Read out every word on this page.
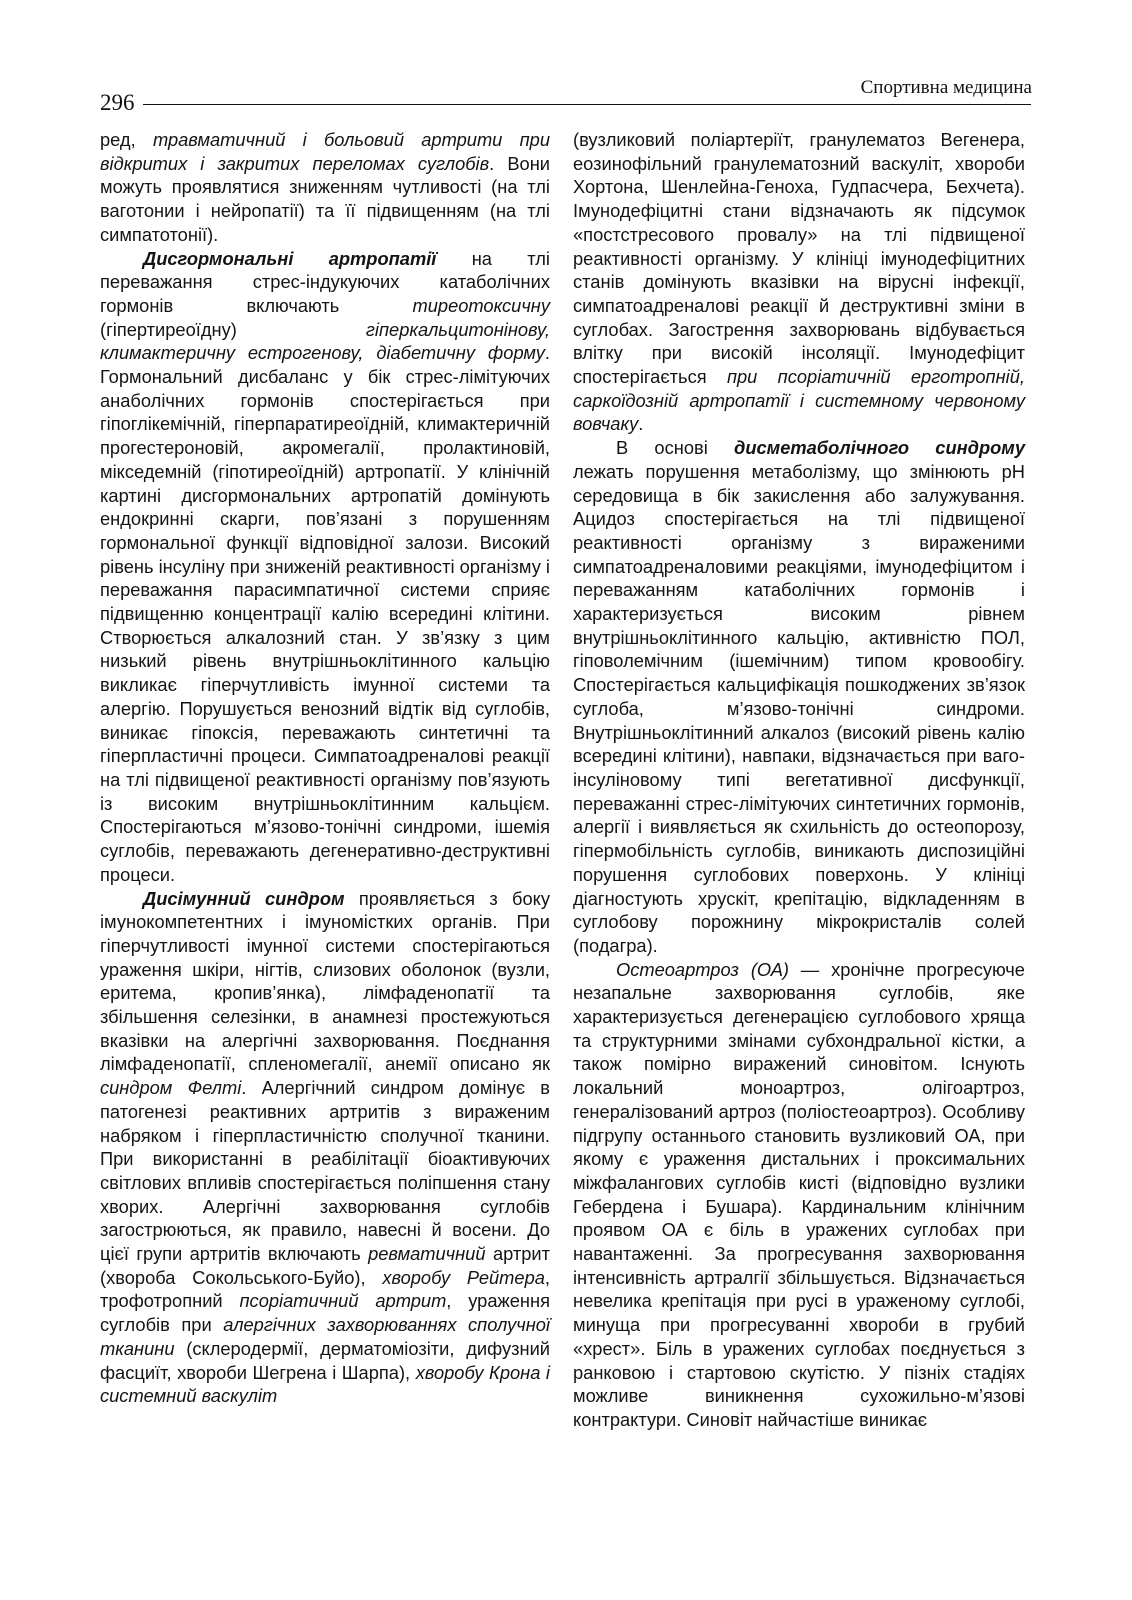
296
Спортивна медицина

ред, травматичний і больовий артрити при відкритих і закритих переломах суглобів. Вони можуть проявлятися зниженням чутливості (на тлі ваготонии і нейропатії) та її підвищенням (на тлі симпатотонії).

Дисгормональні артропатії на тлі переважання стрес-індукуючих катаболічних гормонів включають тиреотоксичну (гіпертиреоїдну) гіперкальцитонінову, климактеричну естрогенову, діабетичну форму. Гормональний дисбаланс у бік стрес-лімітуючих анаболічних гормонів спостерігається при гіпоглікемічній, гіперпаратиреоїдній, климактеричній прогестероновій, акромегалії, пролактиновій, мікседемній (гіпотиреоїдній) артропатії. У клінічній картині дисгормональних артропатій домінують ендокринні скарги, пов’язані з порушенням гормональної функції відповідної залози. Високий рівень інсуліну при зниженій реактивності організму і переважання парасимпатичної системи сприяє підвищенню концентрації калію всередині клітини. Створюється алкалозний стан. У зв’язку з цим низький рівень внутрішньоклітинного кальцію викликає гіперчутливість імунної системи та алергію. Порушується венозний відтік від суглобів, виникає гіпоксія, переважають синтетичні та гіперпластичні процеси. Симпатоадреналові реакції на тлі підвищеної реактивності організму пов’язують із високим внутрішньоклітинним кальцієм. Спостерігаються м’язово-тонічні синдроми, ішемія суглобів, переважають дегенеративно-деструктивні процеси.

Дисімунний синдром проявляється з боку імунокомпетентних і імуноміcтких органів. При гіперчутливості імунної системи спостерігаються ураження шкіри, нігтів, слизових оболонок (вузли, еритема, кропив’янка), лімфаденопатії та збільшення селезінки, в анамнезі простежуються вказівки на алергічні захворювання. Поєднання лімфаденопатії, спленомегалії, анемії описано як синдром Фелті. Алергічний синдром домінує в патогенезі реактивних артритів з вираженим набряком і гіперпластичністю сполучної тканини. При використанні в реабілітації біоактивуючих світлових впливів спостерігається поліпшення стану хворих. Алергічні захворювання суглобів загострюються, як правило, навесні й восени. До цієї групи артритів включають ревматичний артрит (хвороба Сокольського-Буйо), хворобу Рейтера, трофотропний псоріатичний артрит, ураження суглобів при алергічних захворюваннях сполучної тканини (склеродермії, дерматоміозіти, дифузний фасциїт, хвороби Шегрена і Шарпа), хворобу Крона і системний васкуліт

(вузликовий поліартеріїт, гранулематоз Вегенера, еозинофільний гранулематозний васкуліт, хвороби Хортона, Шенлейна-Геноха, Гудпасчера, Бехчета). Імунодефіцитні стани відзначають як підсумок «постстресового провалу» на тлі підвищеної реактивності організму. У клініці імунодефіцитних станів домінують вказівки на вірусні інфекції, симпатоадреналові реакції й деструктивні зміни в суглобах. Загострення захворювань відбувається влітку при високій інсоляції. Імунодефіцит спостерігається при псоріатичній ерготропній, саркоїдозній артропатії і системному червоному вовчаку.

В основі дисметаболічного синдрому лежать порушення метаболізму, що змінюють pH середовища в бік закислення або залужування. Ацидоз спостерігається на тлі підвищеної реактивності організму з вираженими симпатоадреналовими реакціями, імунодефіцитом і переважанням катаболічних гормонів і характеризується високим рівнем внутрішньоклітинного кальцію, активністю ПОЛ, гіповолемічним (ішемічним) типом кровообігу. Спостерігається кальцифікація пошкоджених зв’язок суглоба, м’язово-тонічні синдроми. Внутрішньоклітинний алкалоз (високий рівень калію всередині клітини), навпаки, відзначається при ваго-інсуліновому типі вегетативної дисфункції, переважанні стрес-лімітуючих синтетичних гормонів, алергії і виявляється як схильність до остеопорозу, гіпермобільність суглобів, виникають диспозиційні порушення суглобових поверхонь. У клініці діагностують хруcкіт, крепітацію, відкладенням в суглобову порожнину мікрокристалів солей (подагра).

Остеоартроз (ОА) — хронічне прогресуюче незапальне захворювання суглобів, яке характеризується дегенерацією суглобового хряща та структурними змінами субхондральної кістки, а також помірно виражений синовітом. Існують локальний моноартроз, олігоартроз, генералізований артроз (поліостеоартроз). Особливу підгрупу останнього становить вузликовий ОА, при якому є ураження дистальних і проксимальних міжфалангових суглобів кисті (відповідно вузлики Гебердена і Бушара). Кардинальним клінічним проявом ОА є біль в уражених суглобах при навантаженні. За прогресування захворювання інтенсивність артралгії збільшується. Відзначається невелика крепітація при русі в ураженому суглобі, минуща при прогресуванні хвороби в грубий «хрест». Біль в уражених суглобах поєднується з ранковою і стартовою скутістю. У пізніх стадіях можливе виникнення сухожильно-м’язові контрактури. Синовіт найчастіше виникає
